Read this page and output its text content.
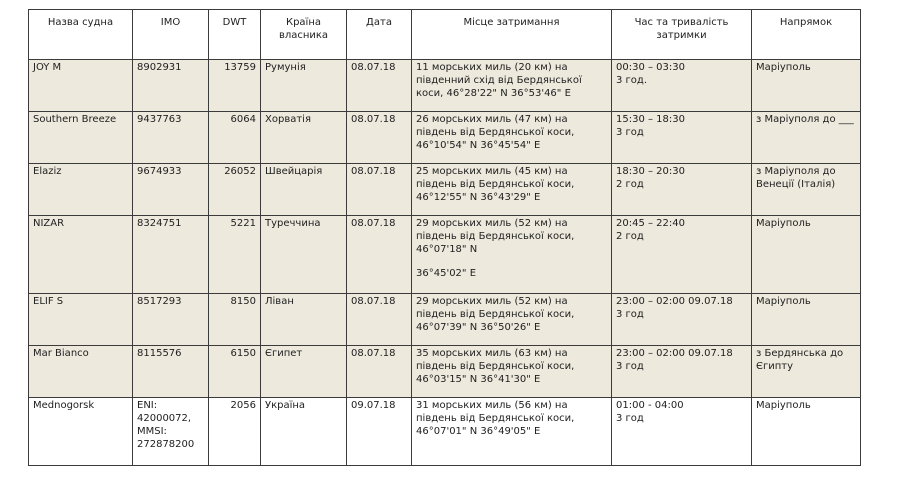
Назва судна	IMO	DWT	Країна власника	Дата	Місце затримання	Час та тривалість затримки	Напрямок

JOY M	8902931	13759	Румунія	08.07.18	11 морських миль (20 км) на
південний схід від Бердянської
коси, 46°28'22" N 36°53'46" E	00:30 – 03:30
3 год.	Маріуполь

Southern Breeze	9437763	6064	Хорватія	08.07.18	26 морських миль (47 км) на
південь від Бердянської коси,
46°10'54" N 36°45'54" E	15:30 – 18:30
3 год	з Маріуполя до ___

Elaziz	9674933	26052	Швейцарія	08.07.18	25 морських миль (45 км) на
південь від Бердянської коси,
46°12'55" N 36°43'29" E	18:30 – 20:30
2 год	з Маріуполя до
Венеції (Італія)

NIZAR	8324751	5221	Туреччина	08.07.18	29 морських миль (52 км) на
південь від Бердянської коси,
46°07'18" N
36°45'02" E	20:45 – 22:40
2 год	Маріуполь

ELIF S	8517293	8150	Ліван	08.07.18	29 морських миль (52 км) на
південь від Бердянської коси,
46°07'39" N 36°50'26" E	23:00 – 02:00 09.07.18
3 год	Маріуполь

Mar Bianco	8115576	6150	Єгипет	08.07.18	35 морських миль (63 км) на
південь від Бердянської коси,
46°03'15" N 36°41'30" E	23:00 – 02:00 09.07.18
3 год	з Бердянська до
Єгипту

Mednogorsk	ENI:
42000072,
MMSI:
272878200	2056	Україна	09.07.18	31 морських миль (56 км) на
південь від Бердянської коси,
46°07'01" N 36°49'05" E	01:00 - 04:00
3 год	Маріуполь
